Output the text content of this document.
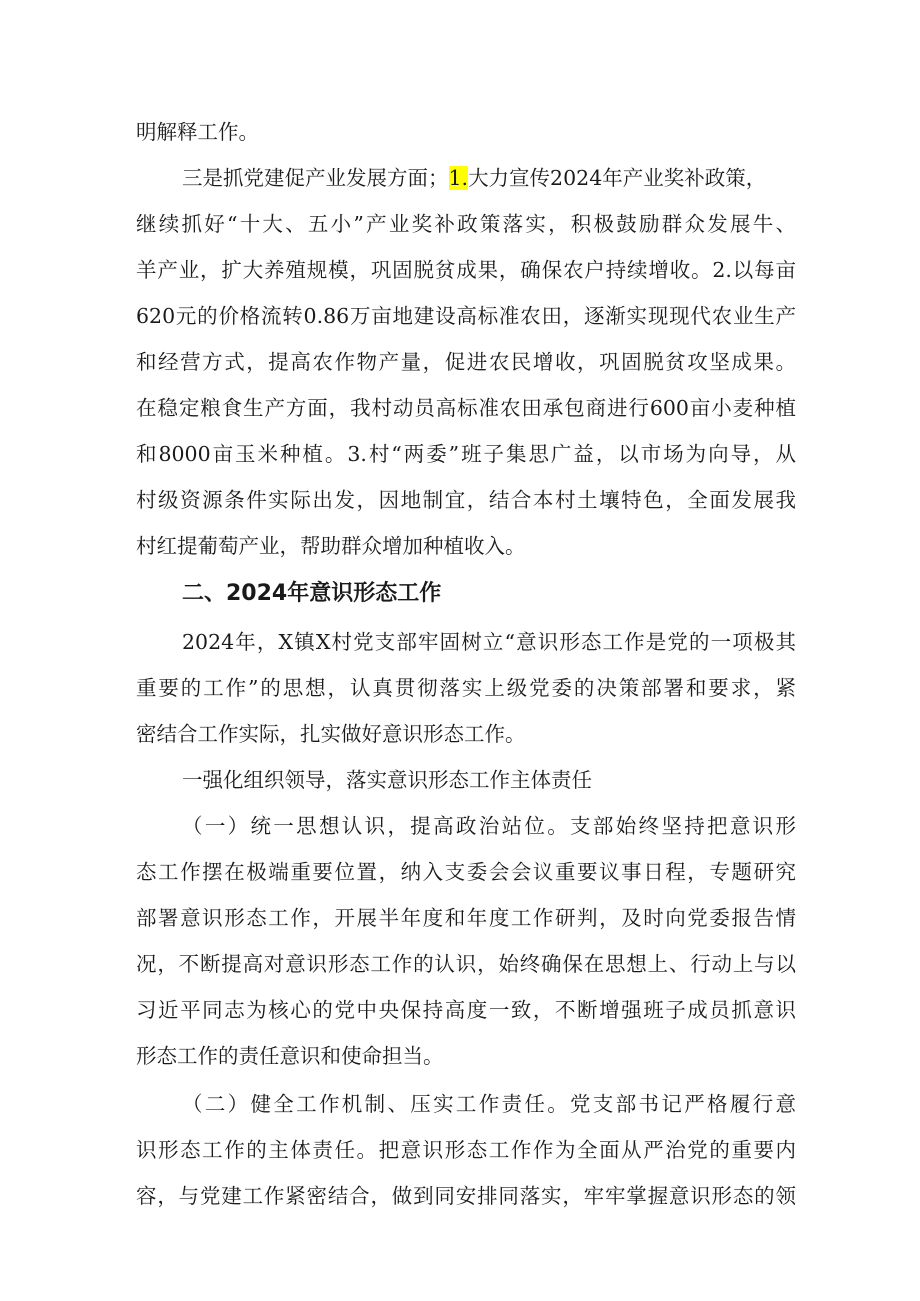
明解释工作。
三是抓党建促产业发展方面；1.大力宣传2024年产业奖补政策，
继续抓好“十大、五小”产业奖补政策落实，积极鼓励群众发展牛、
羊产业，扩大养殖规模，巩固脱贫成果，确保农户持续增收。2.以每亩
620元的价格流转0.86万亩地建设高标准农田，逐渐实现现代农业生产
和经营方式，提高农作物产量，促进农民增收，巩固脱贫攻坚成果。
在稳定粮食生产方面，我村动员高标准农田承包商进行600亩小麦种植
和8000亩玉米种植。3.村“两委”班子集思广益，以市场为向导，从
村级资源条件实际出发，因地制宜，结合本村土壤特色，全面发展我
村红提葡萄产业，帮助群众增加种植收入。
二、2024年意识形态工作
2024年，X镇X村党支部牢固树立“意识形态工作是党的一项极其
重要的工作”的思想，认真贯彻落实上级党委的决策部署和要求，紧
密结合工作实际，扎实做好意识形态工作。
一强化组织领导，落实意识形态工作主体责任
（一）统一思想认识，提高政治站位。支部始终坚持把意识形
态工作摆在极端重要位置，纳入支委会会议重要议事日程，专题研究
部署意识形态工作，开展半年度和年度工作研判，及时向党委报告情
况，不断提高对意识形态工作的认识，始终确保在思想上、行动上与以
习近平同志为核心的党中央保持高度一致，不断增强班子成员抓意识
形态工作的责任意识和使命担当。
（二）健全工作机制、压实工作责任。党支部书记严格履行意
识形态工作的主体责任。把意识形态工作作为全面从严治党的重要内
容，与党建工作紧密结合，做到同安排同落实，牢牢掌握意识形态的领
